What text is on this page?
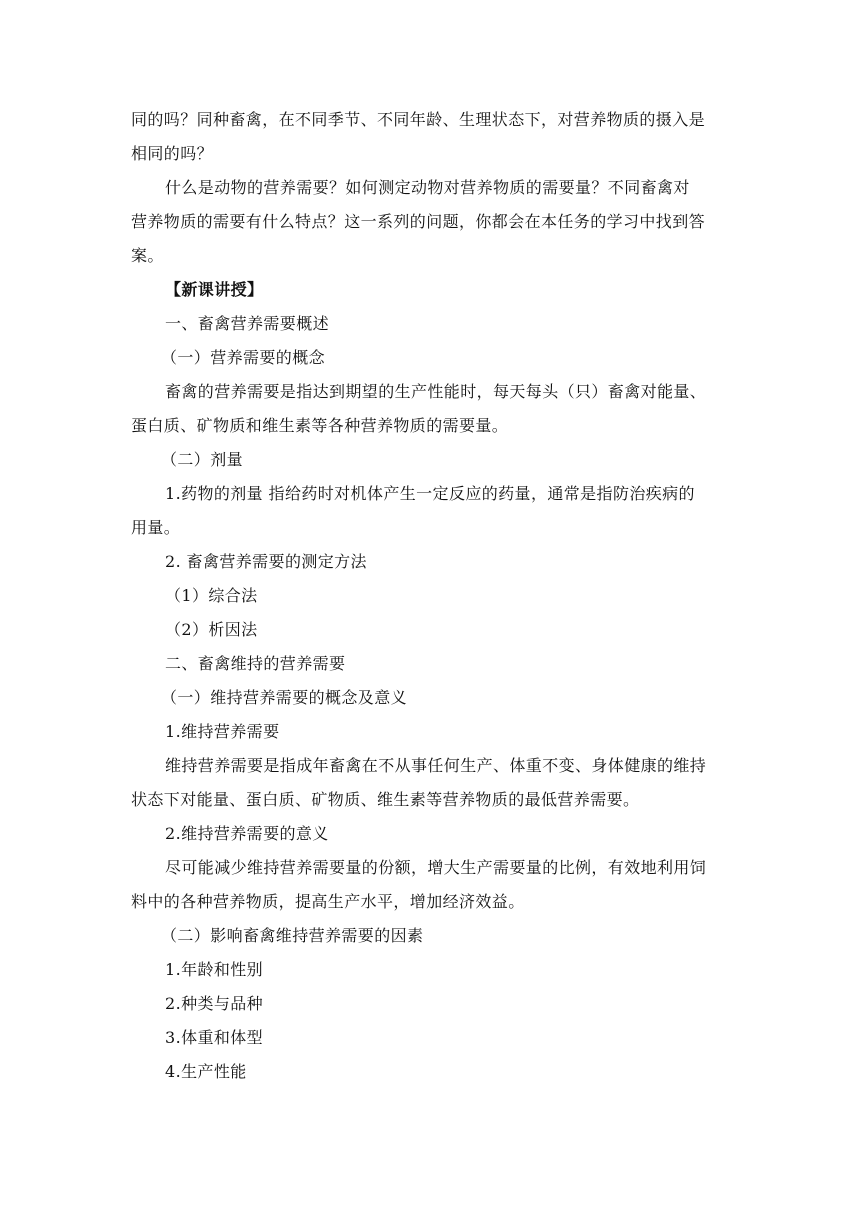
同的吗？同种畜禽，在不同季节、不同年龄、生理状态下，对营养物质的摄入是
相同的吗？
什么是动物的营养需要？如何测定动物对营养物质的需要量？不同畜禽对
营养物质的需要有什么特点？这一系列的问题，你都会在本任务的学习中找到答
案。
【新课讲授】
一、畜禽营养需要概述
（一）营养需要的概念
畜禽的营养需要是指达到期望的生产性能时，每天每头（只）畜禽对能量、
蛋白质、矿物质和维生素等各种营养物质的需要量。
（二）剂量
1.药物的剂量 指给药时对机体产生一定反应的药量，通常是指防治疾病的
用量。
2. 畜禽营养需要的测定方法
（1）综合法
（2）析因法
二、畜禽维持的营养需要
（一）维持营养需要的概念及意义
1.维持营养需要
维持营养需要是指成年畜禽在不从事任何生产、体重不变、身体健康的维持
状态下对能量、蛋白质、矿物质、维生素等营养物质的最低营养需要。
2.维持营养需要的意义
尽可能减少维持营养需要量的份额，增大生产需要量的比例，有效地利用饲
料中的各种营养物质，提高生产水平，增加经济效益。
（二）影响畜禽维持营养需要的因素
1.年龄和性别
2.种类与品种
3.体重和体型
4.生产性能
